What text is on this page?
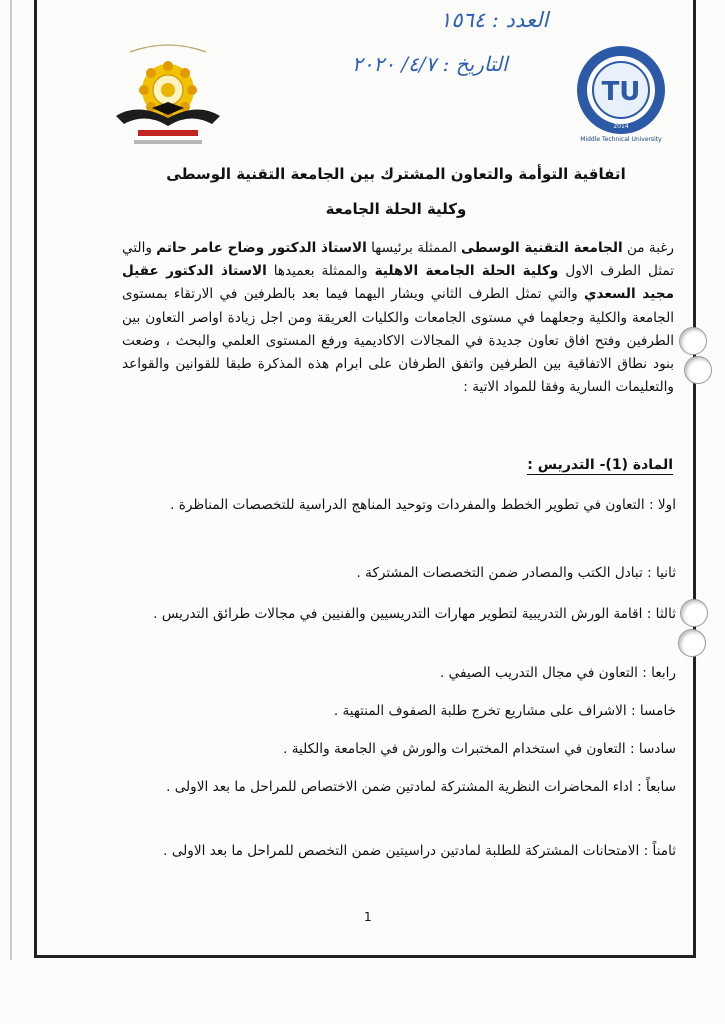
TU
2014
Middle Technical University
العدد : ١٥٦٤
التاريخ : ٤/٧/ ٢٠٢٠
اتفاقية التوأمة والتعاون المشترك بين الجامعة التقنية الوسطى
وكلية الحلة الجامعة
رغبة من الجامعة التقنية الوسطى الممثلة برئيسها الاستاذ الدكتور وضاح عامر حاتم والتي تمثل الطرف الاول وكلية الحلة الجامعة الاهلية والممثلة بعميدها الاستاذ الدكتور عقيل مجيد السعدي والتي تمثل الطرف الثاني ويشار اليهما فيما بعد بالطرفين في الارتقاء بمستوى الجامعة والكلية وجعلهما في مستوى الجامعات والكليات العريقة ومن اجل زيادة اواصر التعاون بين الطرفين وفتح افاق تعاون جديدة في المجالات الاكاديمية ورفع المستوى العلمي والبحث ، وضعت بنود نطاق الاتفاقية بين الطرفين واتفق الطرفان على ابرام هذه المذكرة طبقا للقوانين والقواعد والتعليمات السارية وفقا للمواد الاتية :
المادة (1)- التدريس :
اولا : التعاون في تطوير الخطط والمفردات وتوحيد المناهج الدراسية للتخصصات المناظرة .
ثانيا : تبادل الكتب والمصادر ضمن التخصصات المشتركة .
ثالثا : اقامة الورش التدريبية لتطوير مهارات التدريسيين والفنيين في مجالات طرائق التدريس .
رابعا : التعاون في مجال التدريب الصيفي .
خامسا : الاشراف على مشاريع تخرج طلبة الصفوف المنتهية .
سادسا : التعاون في استخدام المختبرات والورش في الجامعة والكلية .
سابعاً : اداء المحاضرات النظرية المشتركة لمادتين ضمن الاختصاص للمراحل ما بعد الاولى .
ثامناً : الامتحانات المشتركة للطلبة لمادتين دراسيتين ضمن التخصص للمراحل ما بعد الاولى .
1
